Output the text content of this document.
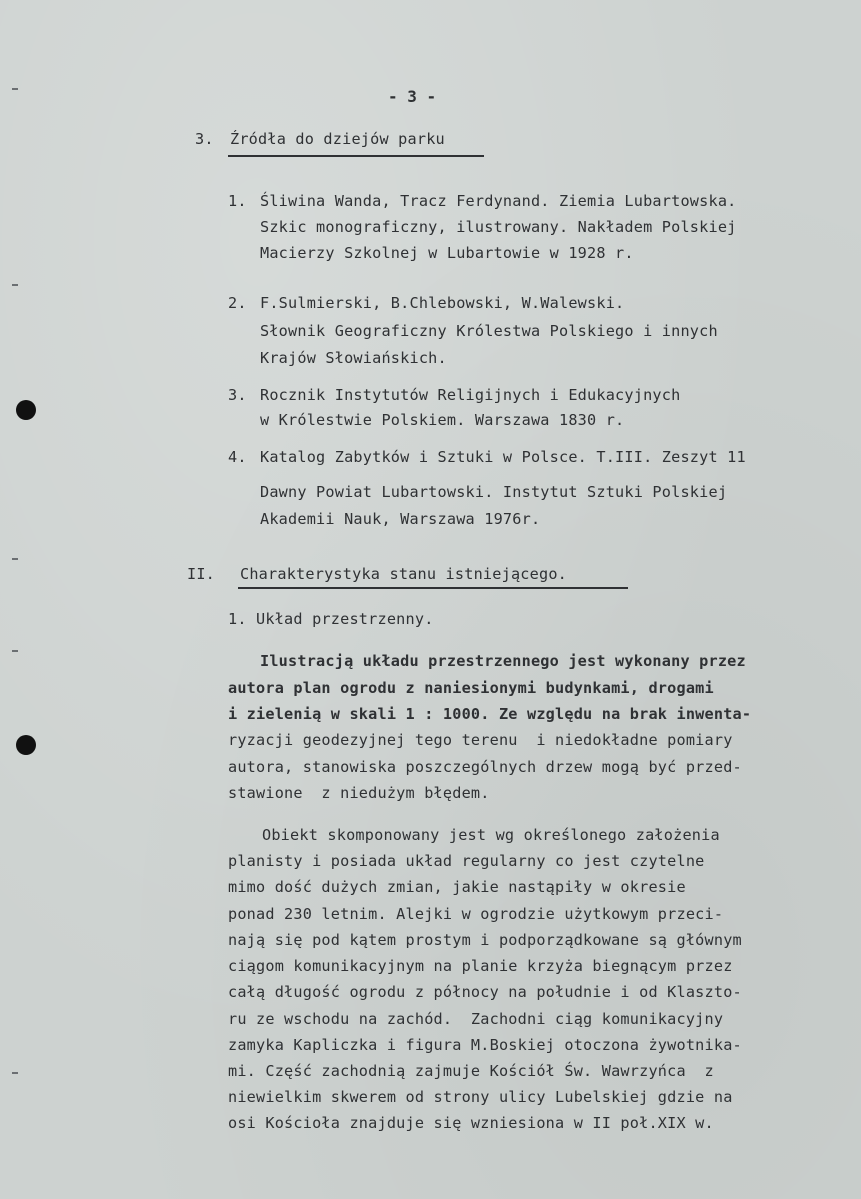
- 3 -
3. Źródła do dziejów parku
1. Śliwina Wanda, Tracz Ferdynand. Ziemia Lubartowska.
Szkic monograficzny, ilustrowany. Nakładem Polskiej
Macierzy Szkolnej w Lubartowie w 1928 r.
2. F.Sulmierski, B.Chlebowski, W.Walewski.
Słownik Geograficzny Królestwa Polskiego i innych
Krajów Słowiańskich.
3. Rocznik Instytutów Religijnych i Edukacyjnych
w Królestwie Polskiem. Warszawa 1830 r.
4. Katalog Zabytków i Sztuki w Polsce. T.III. Zeszyt 11
Dawny Powiat Lubartowski. Instytut Sztuki Polskiej
Akademii Nauk, Warszawa 1976r.
II. Charakterystyka stanu istniejącego.
1. Układ przestrzenny.
Ilustracją układu przestrzennego jest wykonany przez
autora plan ogrodu z naniesionymi budynkami, drogami
i zielenią w skali 1 : 1000. Ze względu na brak inwenta-
ryzacji geodezyjnej tego terenu  i niedokładne pomiary
autora, stanowiska poszczególnych drzew mogą być przed-
stawione  z niedużym błędem.
Obiekt skomponowany jest wg określonego założenia
planisty i posiada układ regularny co jest czytelne
mimo dość dużych zmian, jakie nastąpiły w okresie
ponad 230 letnim. Alejki w ogrodzie użytkowym przeci-
nają się pod kątem prostym i podporządkowane są głównym
ciągom komunikacyjnym na planie krzyża biegnącym przez
całą długość ogrodu z północy na południe i od Klaszto-
ru ze wschodu na zachód.  Zachodni ciąg komunikacyjny
zamyka Kapliczka i figura M.Boskiej otoczona żywotnika-
mi. Część zachodnią zajmuje Kościół Św. Wawrzyńca  z
niewielkim skwerem od strony ulicy Lubelskiej gdzie na
osi Kościoła znajduje się wzniesiona w II poł.XIX w.
